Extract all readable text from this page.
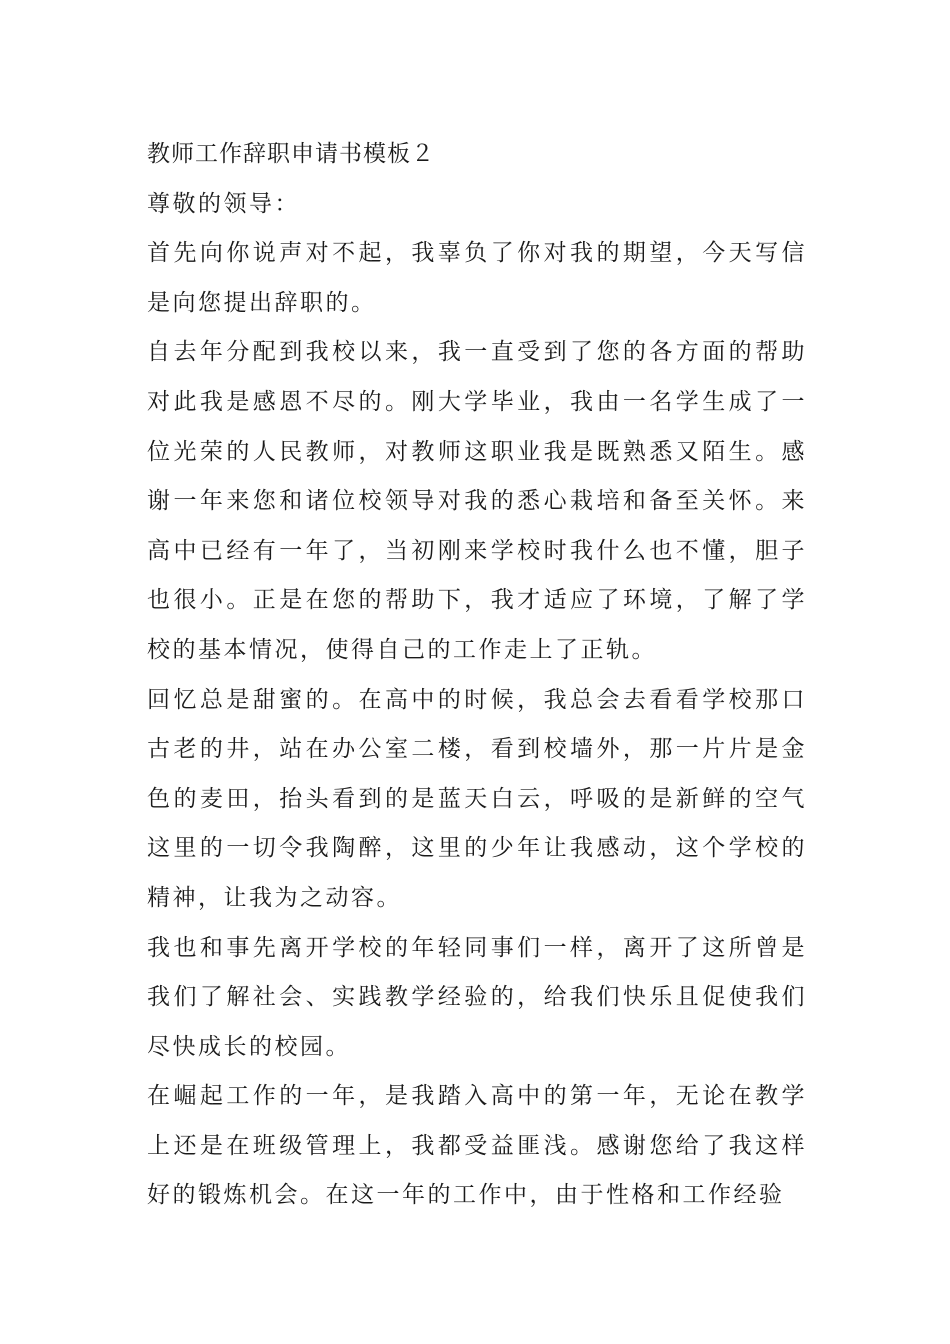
教师工作辞职申请书模板２

尊敬的领导：

首先向你说声对不起，我辜负了你对我的期望，今天写信是向您提出辞职的。

自去年分配到我校以来，我一直受到了您的各方面的帮助对此我是感恩不尽的。刚大学毕业，我由一名学生成了一位光荣的人民教师，对教师这职业我是既熟悉又陌生。感谢一年来您和诸位校领导对我的悉心栽培和备至关怀。来高中已经有一年了，当初刚来学校时我什么也不懂，胆子也很小。正是在您的帮助下，我才适应了环境，了解了学校的基本情况，使得自己的工作走上了正轨。

回忆总是甜蜜的。在高中的时候，我总会去看看学校那口古老的井，站在办公室二楼，看到校墙外，那一片片是金色的麦田，抬头看到的是蓝天白云，呼吸的是新鲜的空气这里的一切令我陶醉，这里的少年让我感动，这个学校的精神，让我为之动容。

我也和事先离开学校的年轻同事们一样，离开了这所曾是我们了解社会、实践教学经验的，给我们快乐且促使我们尽快成长的校园。

在崛起工作的一年，是我踏入高中的第一年，无论在教学上还是在班级管理上，我都受益匪浅。感谢您给了我这样好的锻炼机会。在这一年的工作中，由于性格和工作经验
